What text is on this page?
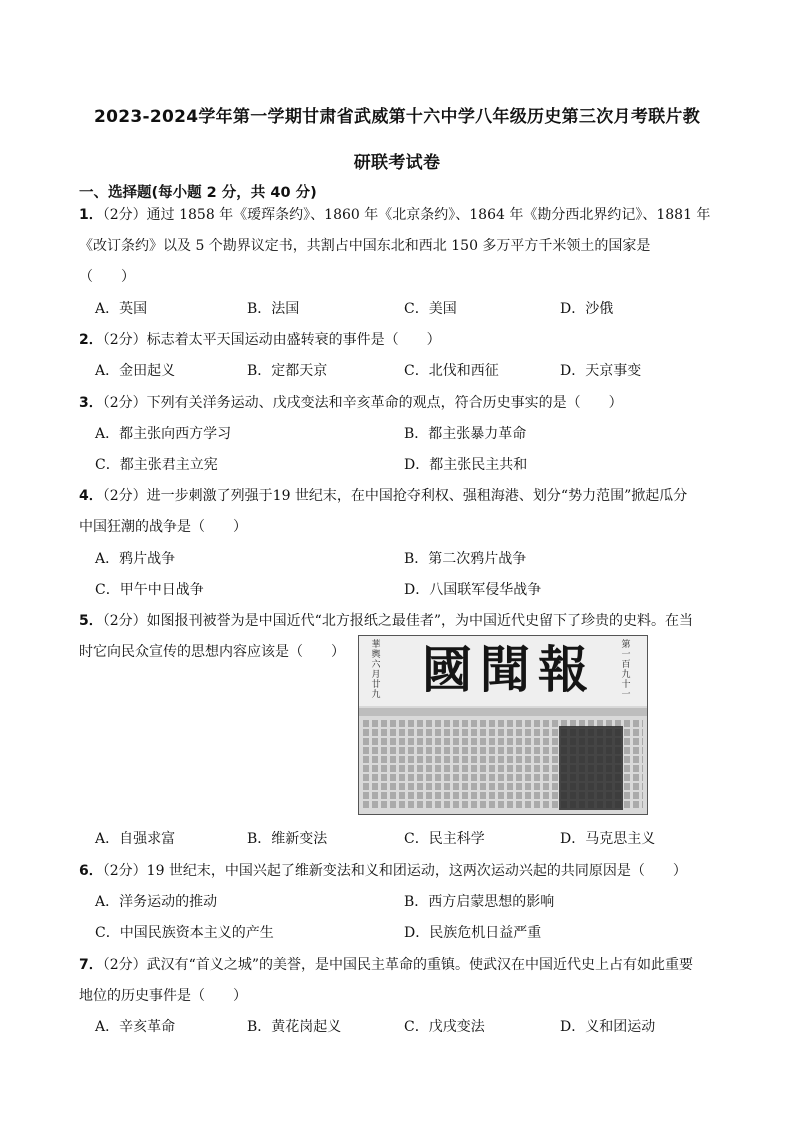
2023-2024学年第一学期甘肃省武威第十六中学八年级历史第三次月考联片教
研联考试卷
一、选择题(每小题 2 分，共 40 分)
1．（2分）通过 1858 年《瑷珲条约》、1860 年《北京条约》、1864 年《勘分西北界约记》、1881 年
《改订条约》以及 5 个勘界议定书，共割占中国东北和西北 150 多万平方千米领土的国家是
（　　）
A．英国	B．法国	C．美国	D．沙俄
2．（2分）标志着太平天国运动由盛转衰的事件是（　　）
A．金田起义	B．定都天京	C．北伐和西征	D．天京事变
3．（2分）下列有关洋务运动、戊戌变法和辛亥革命的观点，符合历史事实的是（　　）
A．都主张向西方学习	B．都主张暴力革命
C．都主张君主立宪	D．都主张民主共和
4．（2分）进一步刺激了列强于19 世纪末，在中国抢夺利权、强租海港、划分“势力范围”掀起瓜分
中国狂潮的战争是（　　）
A．鸦片战争	B．第二次鸦片战争
C．甲午中日战争	D．八国联军侵华战争
5．（2分）如图报刊被誉为是中国近代“北方报纸之最佳者”，为中国近代史留下了珍贵的史料。在当
时它向民众宣传的思想内容应该是（　　）	華
輿
六
月
廿
九 國聞報	第
一
百
九
十
一
A．自强求富	B．维新变法	C．民主科学	D．马克思主义
6．（2分）19 世纪末，中国兴起了维新变法和义和团运动，这两次运动兴起的共同原因是（　　）
A．洋务运动的推动	B．西方启蒙思想的影响
C．中国民族资本主义的产生	D．民族危机日益严重
7．（2分）武汉有“首义之城”的美誉，是中国民主革命的重镇。使武汉在中国近代史上占有如此重要
地位的历史事件是（　　）
A．辛亥革命	B．黄花岗起义	C．戊戌变法	D．义和团运动
